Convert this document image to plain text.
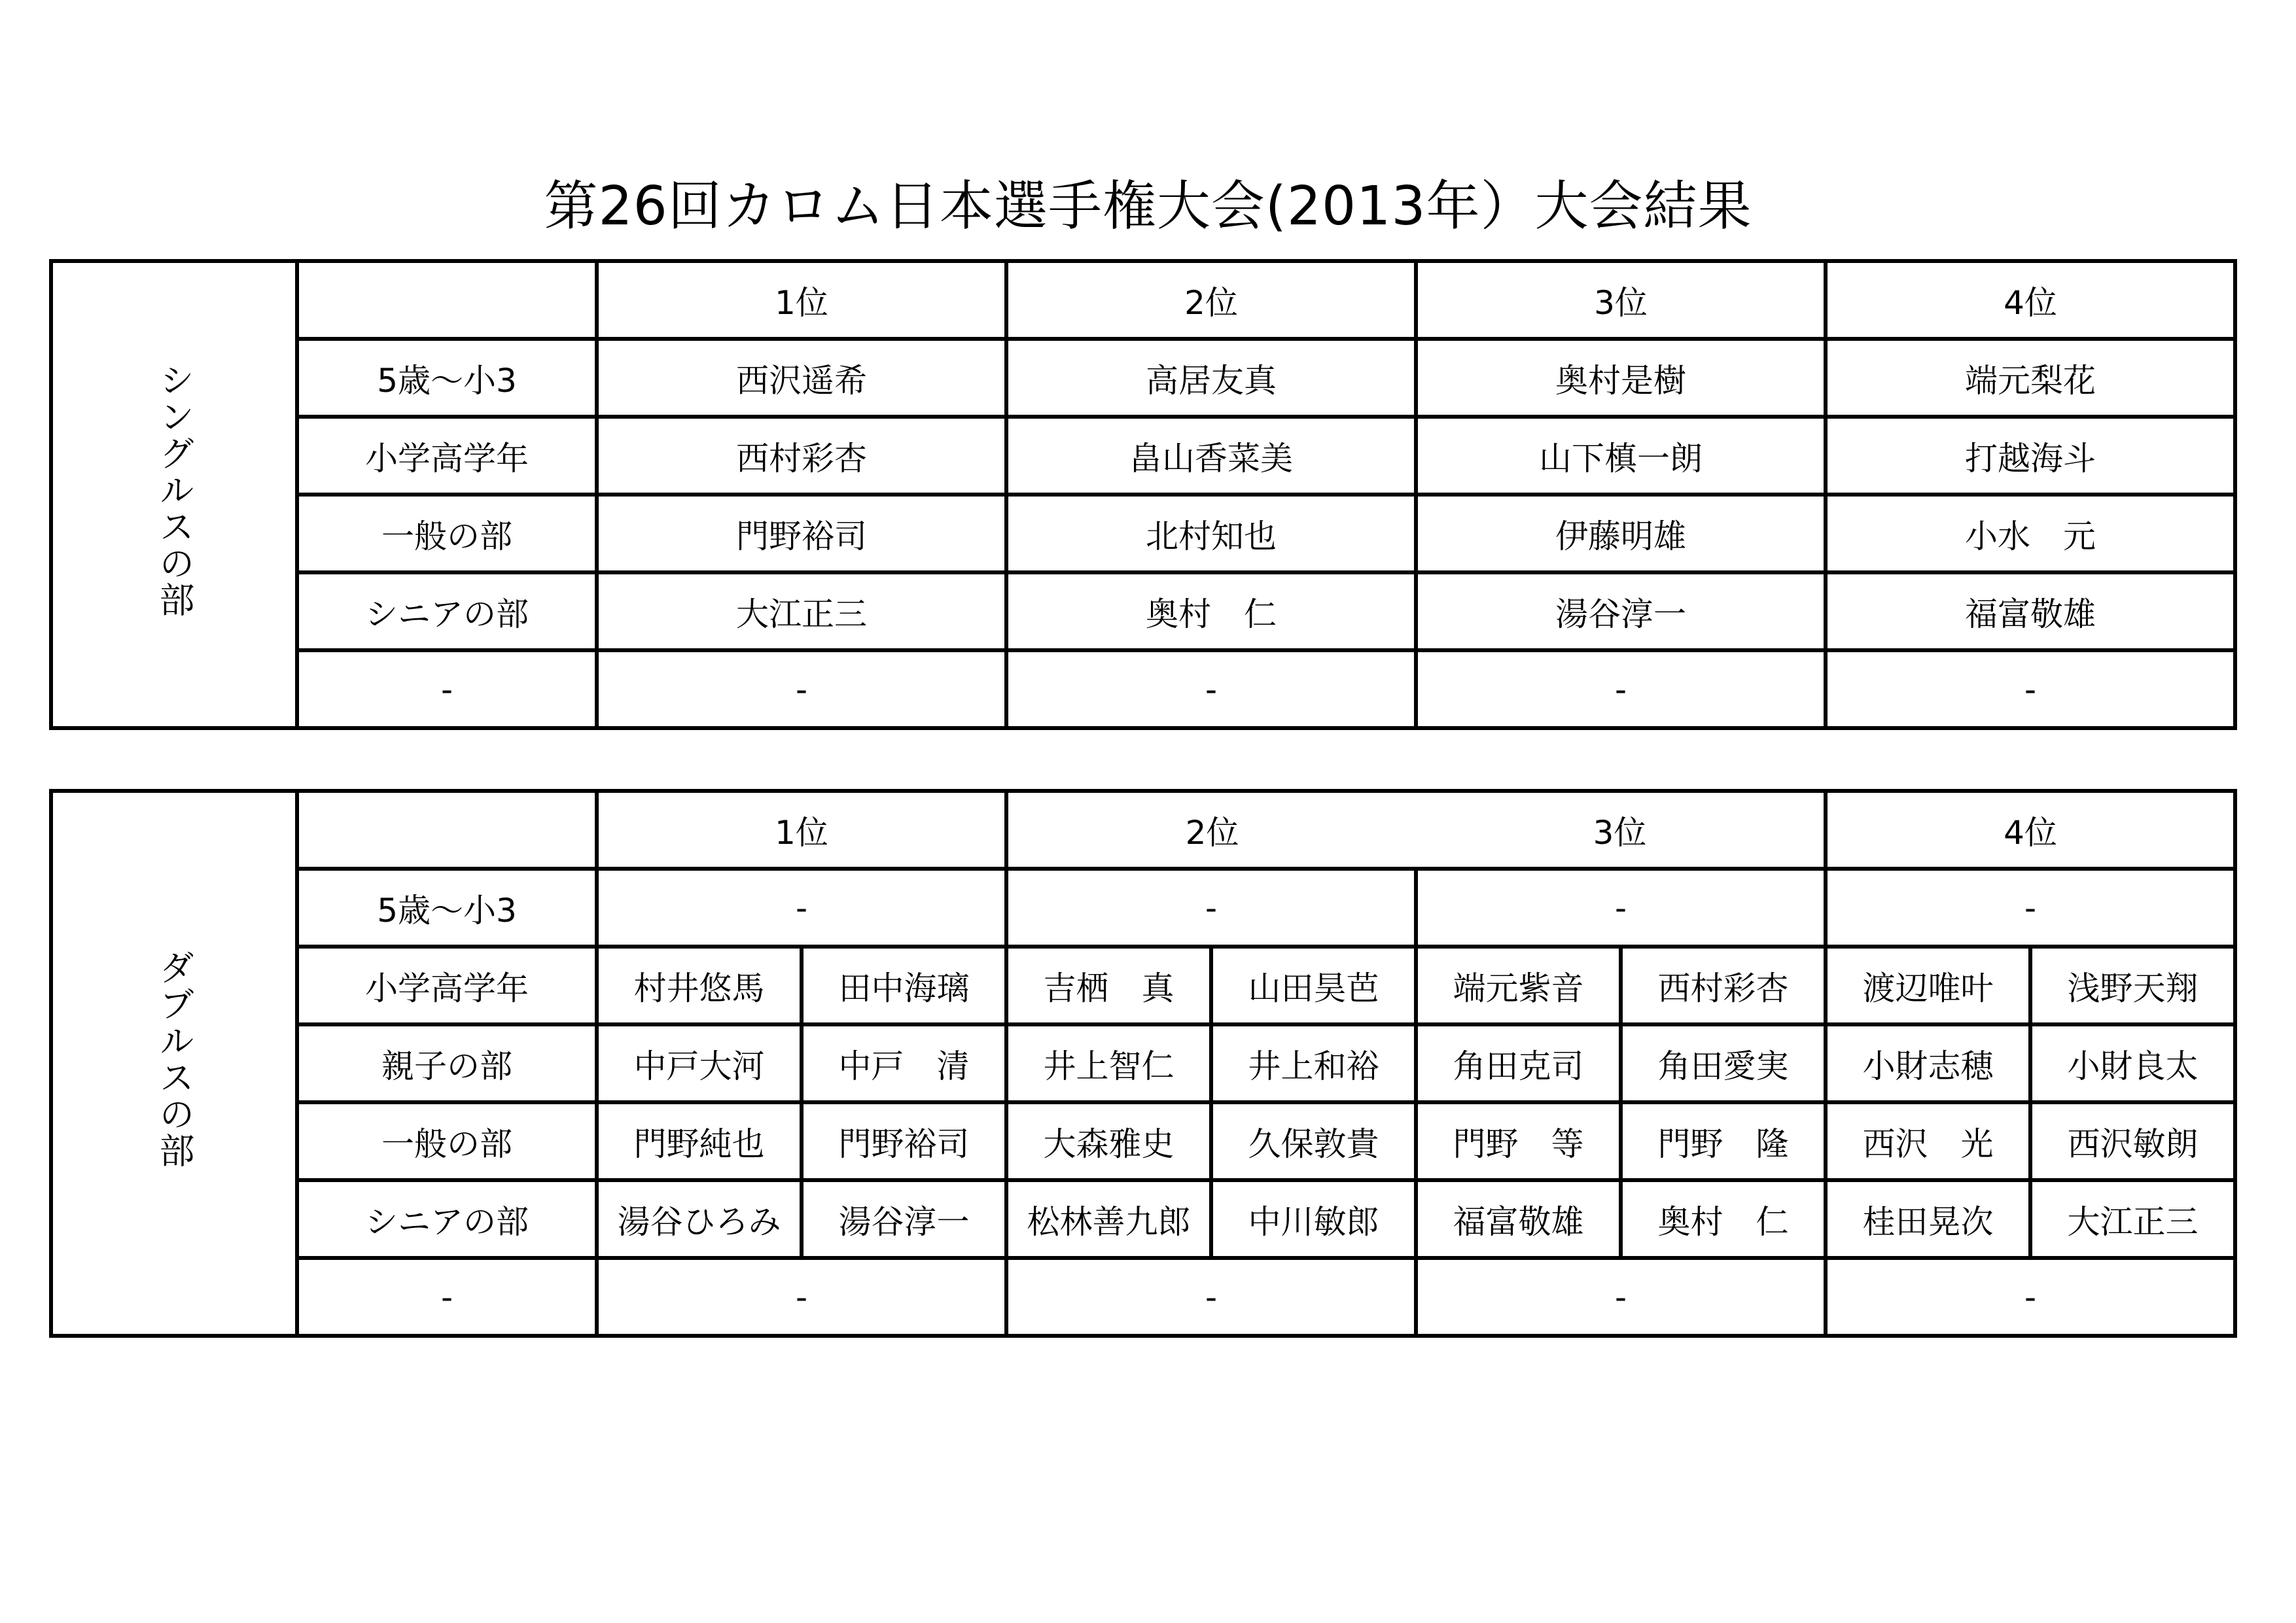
第26回カロム日本選手権大会(2013年）大会結果
シングルスの部		1位	2位	3位	4位
	5歳～小3	西沢遥希	高居友真	奥村是樹	端元梨花
	小学高学年	西村彩杏	畠山香菜美	山下槙一朗	打越海斗
	一般の部	門野裕司	北村知也	伊藤明雄	小水　元
	シニアの部	大江正三	奥村　仁	湯谷淳一	福富敬雄
	-	-	-	-	-
ダブルスの部		1位		2位		3位		4位	
	5歳～小3	-		-		-		-	
	小学高学年	村井悠馬	田中海璃	吉栖　真	山田昊芭	端元紫音	西村彩杏	渡辺唯叶	浅野天翔
	親子の部	中戸大河	中戸　清	井上智仁	井上和裕	角田克司	角田愛実	小財志穂	小財良太
	一般の部	門野純也	門野裕司	大森雅史	久保敦貴	門野　等	門野　隆	西沢　光	西沢敏朗
	シニアの部	湯谷ひろみ	湯谷淳一	松林善九郎	中川敏郎	福富敬雄	奥村　仁	桂田晃次	大江正三
	-	-		-		-		-	
